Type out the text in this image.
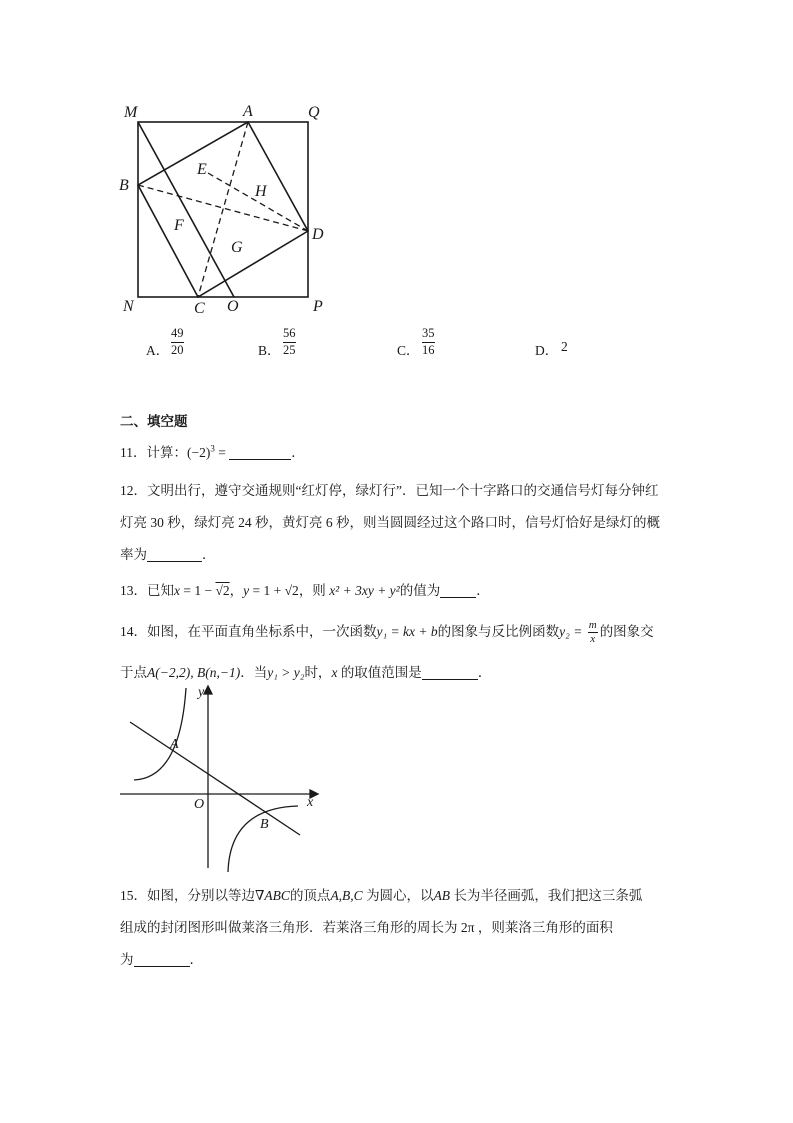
M	A	Q
B
E
H
F
D
G
N	C O	P
A．
49
20	B．
56
25	C．
35
16	D． 2
二、填空题
11．计算：$(-2)^3$ =	．
12．文明出行，遵守交通规则“红灯停，绿灯行”．已知一个十字路口的交通信号灯每分钟红
灯亮 30 秒，绿灯亮 24 秒，黄灯亮 6 秒，则当圆圆经过这个路口时，信号灯恰好是绿灯的概
率为	．
13．已知x = 1 − √2，y = 1 + √2，则 x² + 3xy + y²的值为	．
14．如图，在平面直角坐标系中，一次函数y₁ = kx + b的图象与反比例函数$y_2 = \frac{m}{x}$ 的图象交
于点A(−2,2), B(n,−1)．当y₁ > y₂时，x 的取值范围是	．
y
A
O	x
B
15．如图，分别以等边∇ABC的顶点A,B,C 为圆心，以AB 长为半径画弧，我们把这三条弧
组成的封闭图形叫做莱洛三角形．若莱洛三角形的周长为 2π ，则莱洛三角形的面积
为	．
